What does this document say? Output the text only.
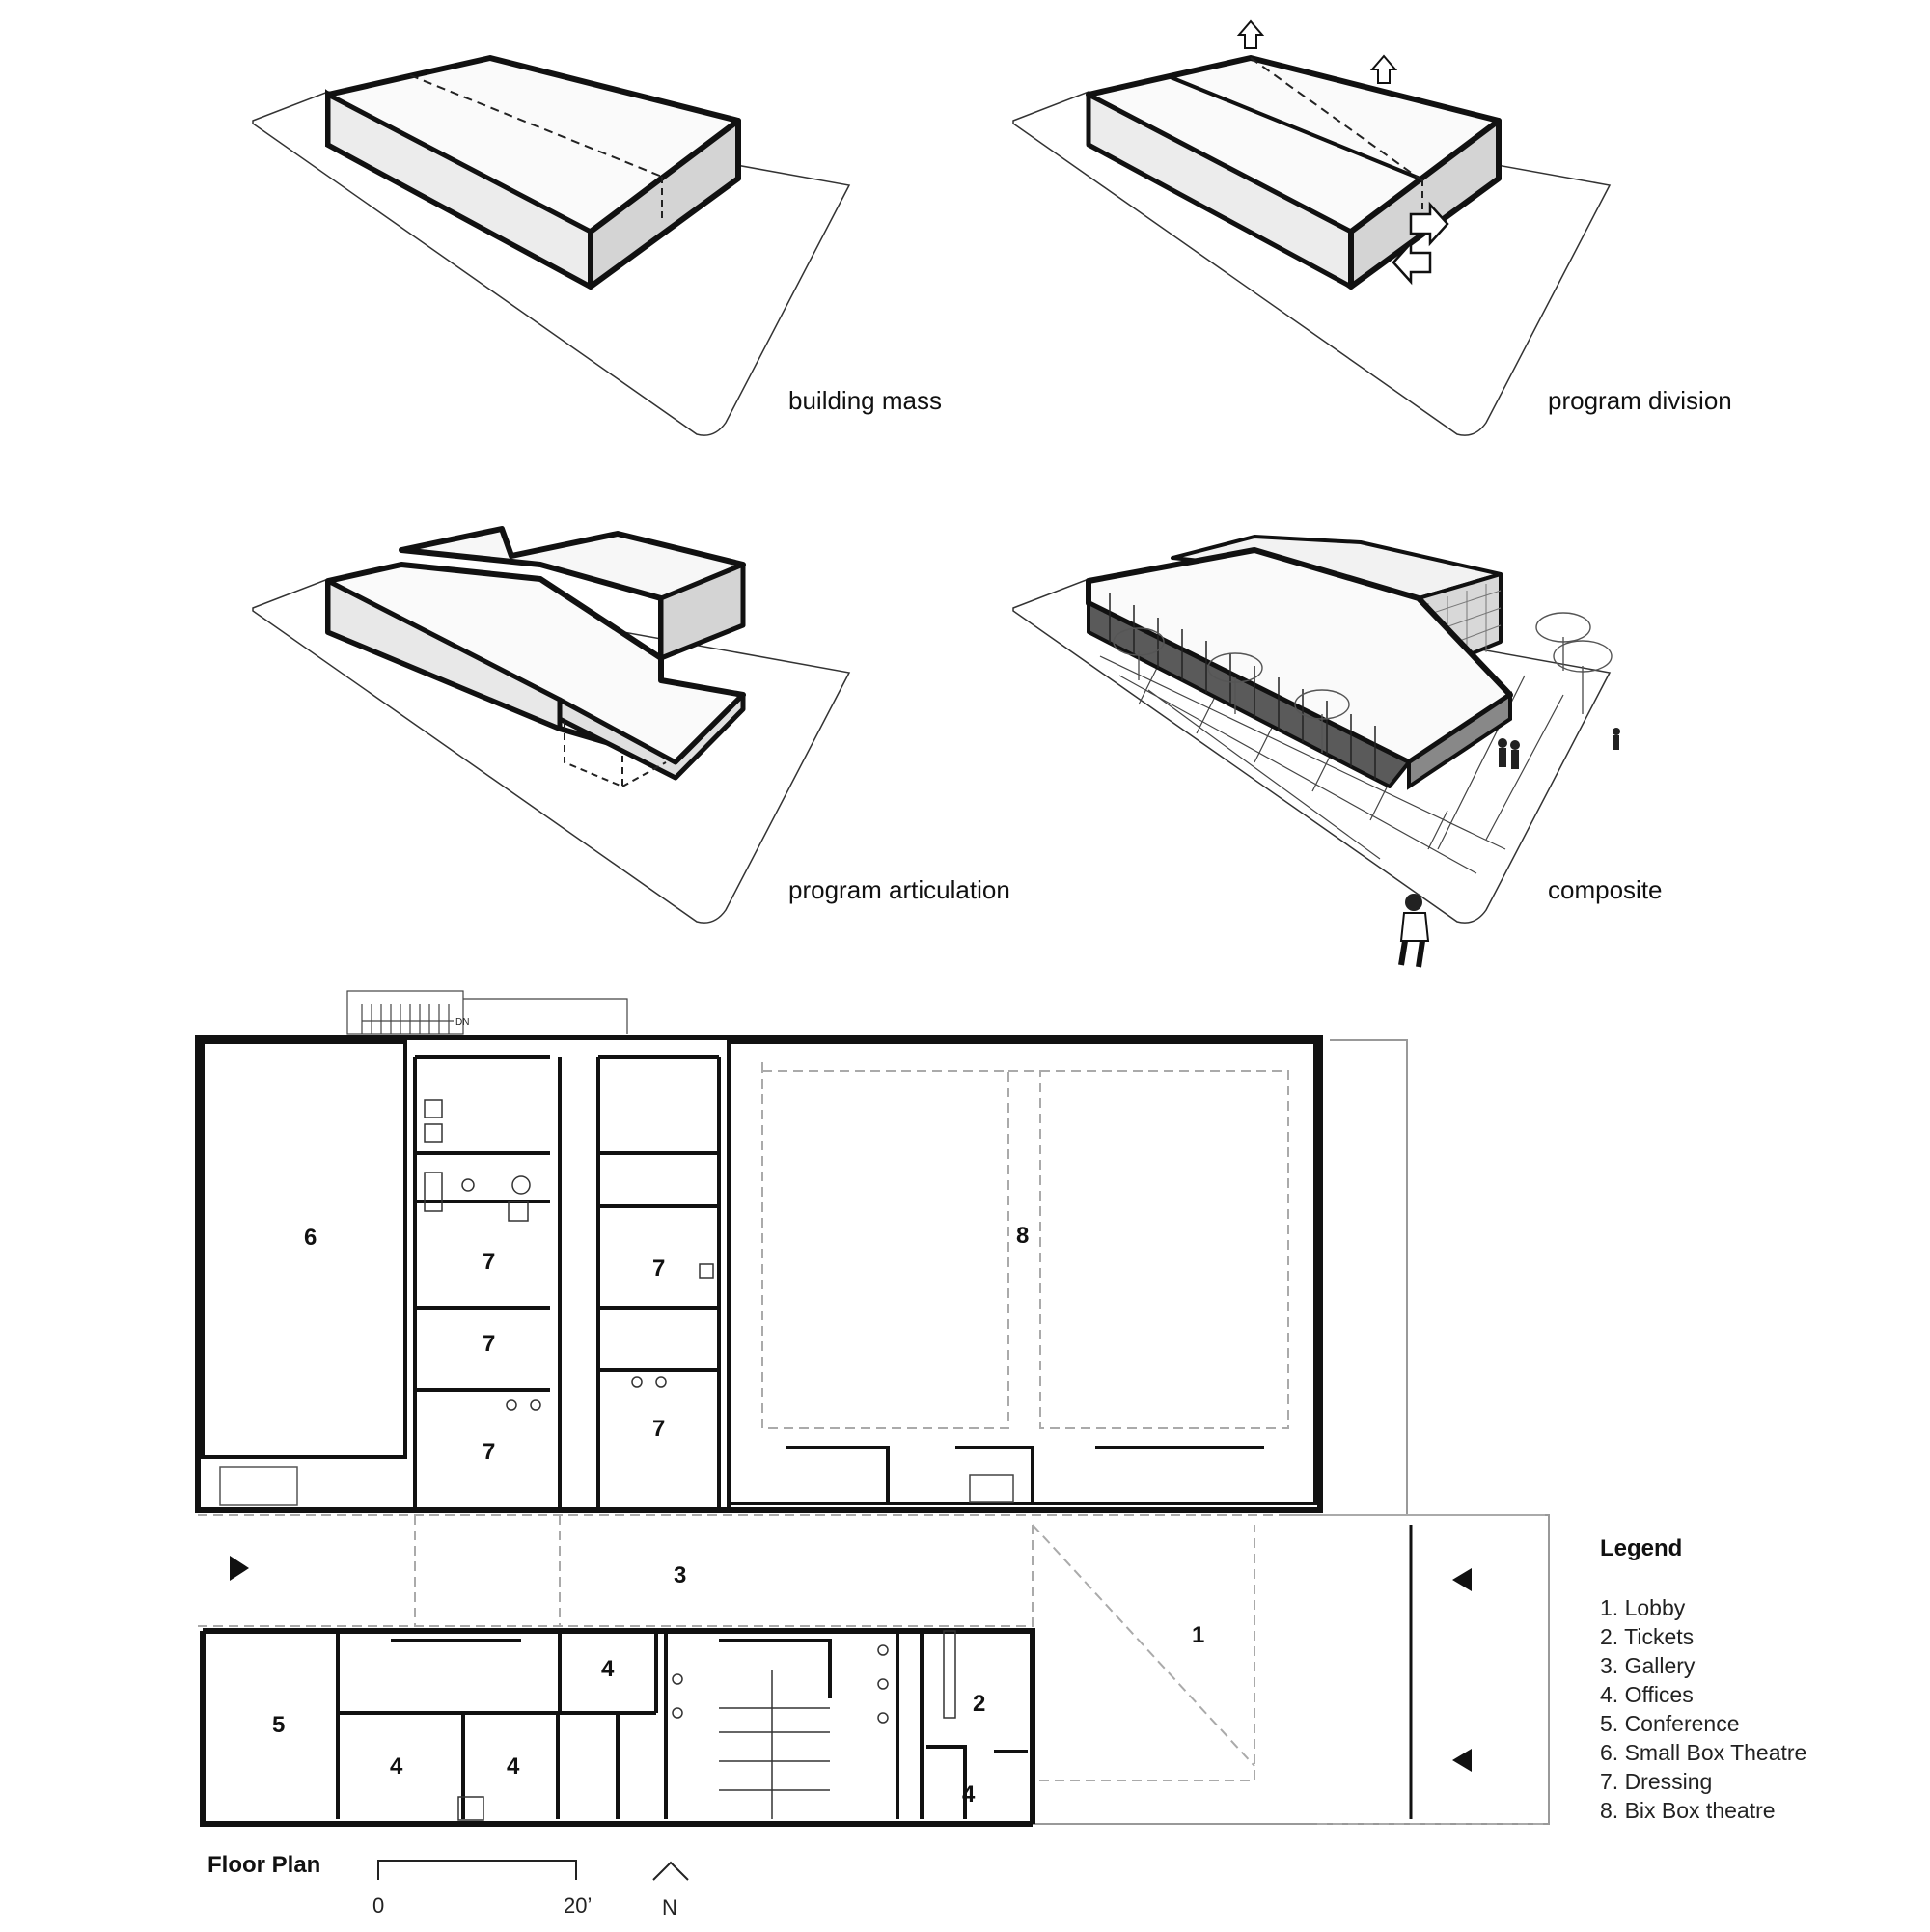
building mass	program division
program articulation	composite
DN
6
7	7
7
7
7
8
3
1
5
4
4	4
4
2
Floor Plan
0	20’	N
Legend
1. Lobby
2. Tickets
3. Gallery
4. Offices
5. Conference
6. Small Box Theatre
7. Dressing
8. Bix Box theatre
